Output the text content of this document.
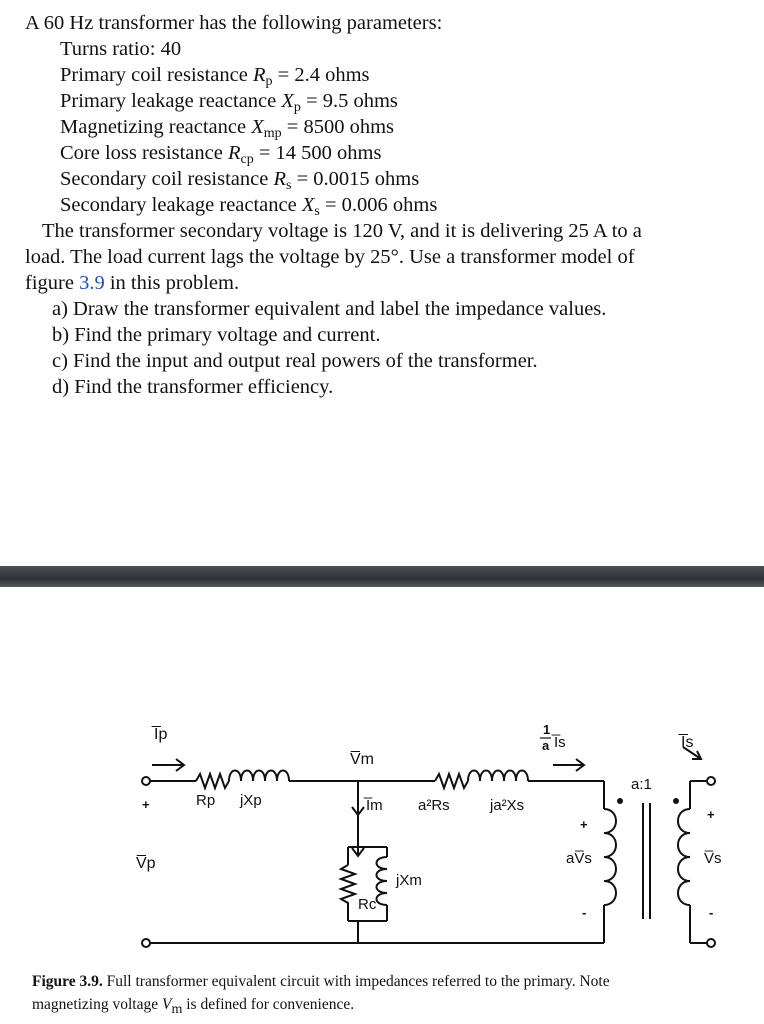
A 60 Hz transformer has the following parameters:
Turns ratio: 40
Primary coil resistance $R_p = 2.4$ ohms
Primary leakage reactance $X_p = 9.5$ ohms
Magnetizing reactance $X_{mp} = 8500$ ohms
Core loss resistance $R_{cp} = 14$ 500 ohms
Secondary coil resistance $R_s = 0.0015$ ohms
Secondary leakage reactance $X_s = 0.006$ ohms
The transformer secondary voltage is 120 V, and it is delivering 25 A to a
load. The load current lags the voltage by 25°. Use a transformer model of
figure 3.9 in this problem.
a) Draw the transformer equivalent and label the impedance values.
b) Find the primary voltage and current.
c) Find the input and output real powers of the transformer.
d) Find the transformer efficiency.
I̅p
Rp jXp
V̅m
I̅m a²Rs	ja²Xs
1
a I̅s
a:1
I̅s
+
V̅p
jXm
Rc
+
aV̅s
-
+
V̅s
-
Figure 3.9. Full transformer equivalent circuit with impedances referred to the primary. Note
magnetizing voltage $V_m$ is defined for convenience.
